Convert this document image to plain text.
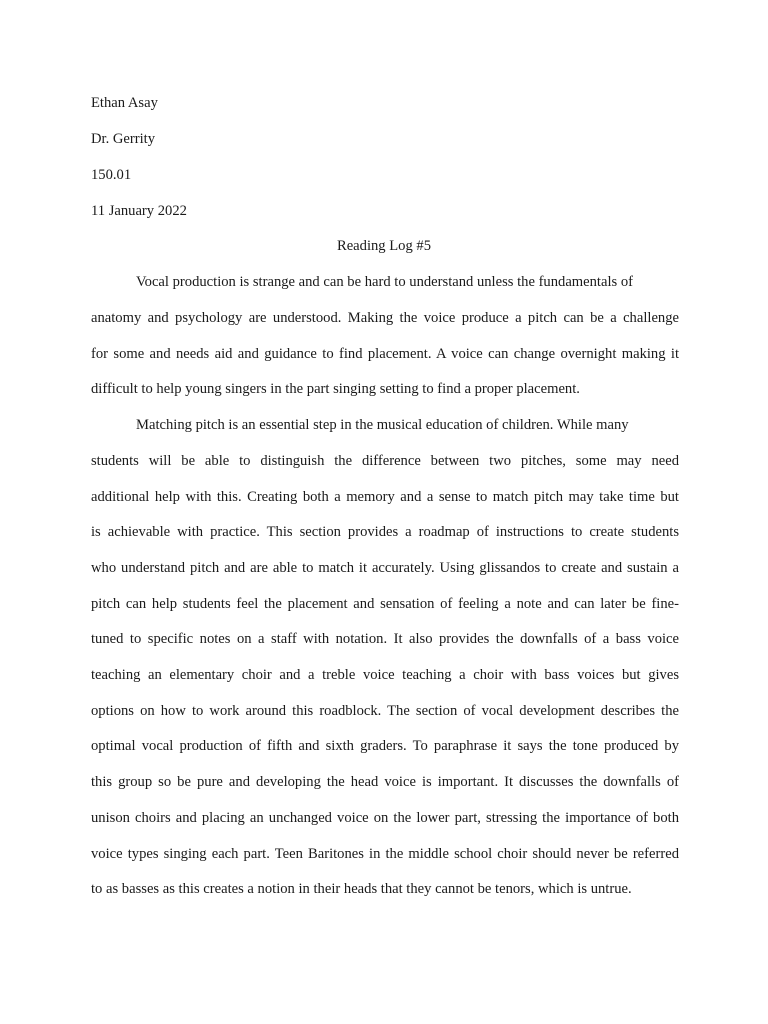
Ethan Asay

Dr. Gerrity

150.01

11 January 2022

Reading Log #5

Vocal production is strange and can be hard to understand unless the fundamentals of

anatomy and psychology are understood. Making the voice produce a pitch can be a challenge

for some and needs aid and guidance to find placement. A voice can change overnight making it

difficult to help young singers in the part singing setting to find a proper placement.

Matching pitch is an essential step in the musical education of children. While many

students will be able to distinguish the difference between two pitches, some may need

additional help with this. Creating both a memory and a sense to match pitch may take time but

is achievable with practice. This section provides a roadmap of instructions to create students

who understand pitch and are able to match it accurately. Using glissandos to create and sustain a

pitch can help students feel the placement and sensation of feeling a note and can later be fine-

tuned to specific notes on a staff with notation. It also provides the downfalls of a bass voice

teaching an elementary choir and a treble voice teaching a choir with bass voices but gives

options on how to work around this roadblock. The section of vocal development describes the

optimal vocal production of fifth and sixth graders. To paraphrase it says the tone produced by

this group so be pure and developing the head voice is important. It discusses the downfalls of

unison choirs and placing an unchanged voice on the lower part, stressing the importance of both

voice types singing each part. Teen Baritones in the middle school choir should never be referred

to as basses as this creates a notion in their heads that they cannot be tenors, which is untrue.
